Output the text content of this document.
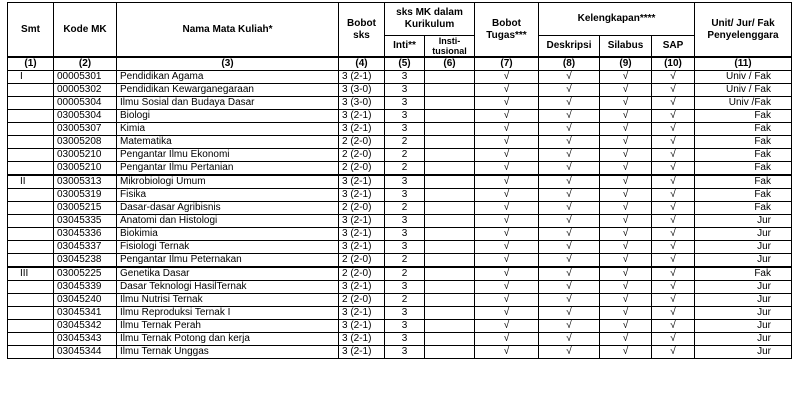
Smt	Kode MK	Nama Mata Kuliah*	Bobot sks	sks MK dalam Kurikulum		Bobot Tugas***	Kelengkapan****			Unit/ Jur/ Fak Penyelenggara
				Inti**	Insti-tusional		Deskripsi	Silabus	SAP	
(1)	(2)	(3)	(4)	(5)	(6)	(7)	(8)	(9)	(10)	(11)
I	00005301	Pendidikan Agama	3 (2-1)	3		√	√	√	√	Univ / Fak
	00005302	Pendidikan Kewarganegaraan	3 (3-0)	3		√	√	√	√	Univ / Fak
	00005304	Ilmu Sosial dan Budaya Dasar	3 (3-0)	3		√	√	√	√	Univ /Fak
	03005304	Biologi	3 (2-1)	3		√	√	√	√	Fak
	03005307	Kimia	3 (2-1)	3		√	√	√	√	Fak
	03005208	Matematika	2 (2-0)	2		√	√	√	√	Fak
	03005210	Pengantar Ilmu Ekonomi	2 (2-0)	2		√	√	√	√	Fak
	03005210	Pengantar Ilmu Pertanian	2 (2-0)	2		√	√	√	√	Fak
II	03005313	Mikrobiologi Umum	3 (2-1)	3		√	√	√	√	Fak
	03005319	Fisika	3 (2-1)	3		√	√	√	√	Fak
	03005215	Dasar-dasar Agribisnis	2 (2-0)	2		√	√	√	√	Fak
	03045335	Anatomi dan Histologi	3 (2-1)	3		√	√	√	√	Jur
	03045336	Biokimia	3 (2-1)	3		√	√	√	√	Jur
	03045337	Fisiologi Ternak	3 (2-1)	3		√	√	√	√	Jur
	03045238	Pengantar Ilmu Peternakan	2 (2-0)	2		√	√	√	√	Jur
III	03005225	Genetika Dasar	2 (2-0)	2		√	√	√	√	Fak
	03045339	Dasar Teknologi HasilTernak	3 (2-1)	3		√	√	√	√	Jur
	03045240	Ilmu Nutrisi Ternak	2 (2-0)	2		√	√	√	√	Jur
	03045341	Ilmu Reproduksi Ternak I	3 (2-1)	3		√	√	√	√	Jur
	03045342	Ilmu Ternak Perah	3 (2-1)	3		√	√	√	√	Jur
	03045343	Ilmu Ternak Potong dan kerja	3 (2-1)	3		√	√	√	√	Jur
	03045344	Ilmu Ternak Unggas	3 (2-1)	3		√	√	√	√	Jur
